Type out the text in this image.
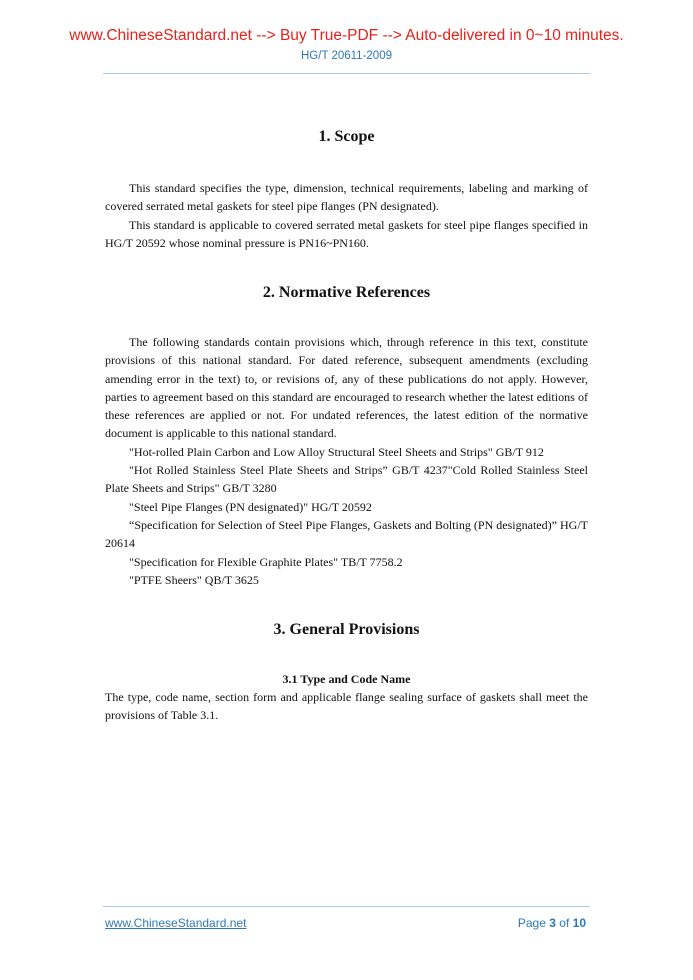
www.ChineseStandard.net --> Buy True-PDF --> Auto-delivered in 0~10 minutes.
HG/T 20611-2009
1. Scope

This standard specifies the type, dimension, technical requirements, labeling and marking of covered serrated metal gaskets for steel pipe flanges (PN designated).

This standard is applicable to covered serrated metal gaskets for steel pipe flanges specified in HG/T 20592 whose nominal pressure is PN16~PN160.

2. Normative References

The following standards contain provisions which, through reference in this text, constitute provisions of this national standard. For dated reference, subsequent amendments (excluding amending error in the text) to, or revisions of, any of these publications do not apply. However, parties to agreement based on this standard are encouraged to research whether the latest editions of these references are applied or not. For undated references, the latest edition of the normative document is applicable to this national standard.

"Hot-rolled Plain Carbon and Low Alloy Structural Steel Sheets and Strips" GB/T 912

"Hot Rolled Stainless Steel Plate Sheets and Strips” GB/T 4237"Cold Rolled Stainless Steel Plate Sheets and Strips" GB/T 3280

"Steel Pipe Flanges (PN designated)" HG/T 20592

“Specification for Selection of Steel Pipe Flanges, Gaskets and Bolting (PN designated)” HG/T 20614

"Specification for Flexible Graphite Plates" TB/T 7758.2

"PTFE Sheers" QB/T 3625

3. General Provisions
3.1 Type and Code Name

The type, code name, section form and applicable flange sealing surface of gaskets shall meet the provisions of Table 3.1.

www.ChineseStandard.net	Page 3 of 10
